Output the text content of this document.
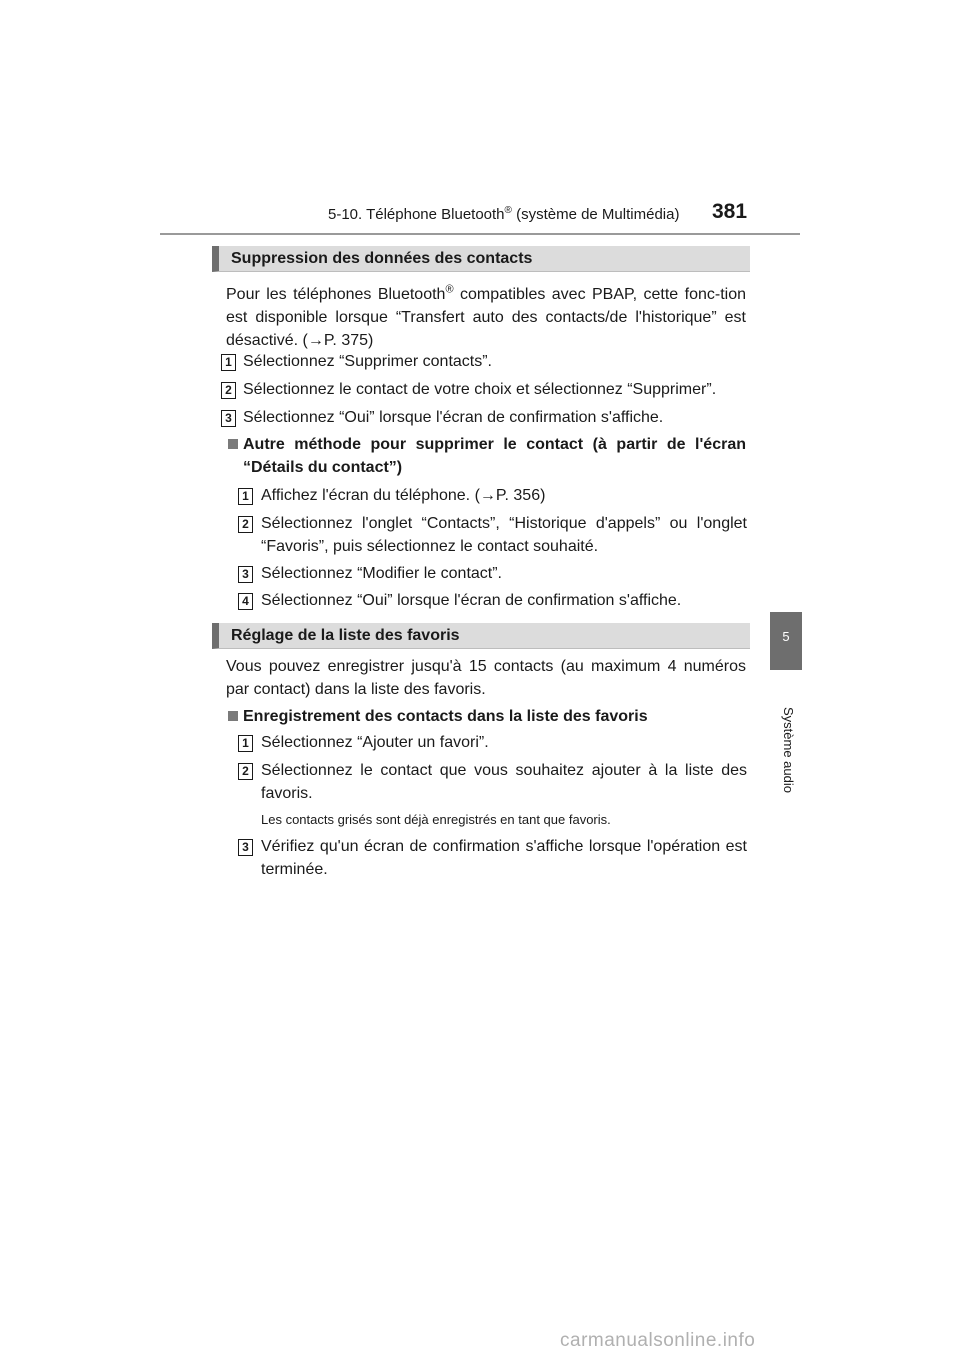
5-10. Téléphone Bluetooth® (système de Multimédia) 381
5
Système audio
Suppression des données des contacts
Pour les téléphones Bluetooth® compatibles avec PBAP, cette fonc-tion est disponible lorsque “Transfert auto des contacts/de l'historique” est désactivé. (→P. 375)
1 Sélectionnez “Supprimer contacts”.
2 Sélectionnez le contact de votre choix et sélectionnez “Supprimer”.
3 Sélectionnez “Oui” lorsque l'écran de confirmation s'affiche.
Autre méthode pour supprimer le contact (à partir de l'écran “Détails du contact”)
1 Affichez l'écran du téléphone. (→P. 356)
2 Sélectionnez l'onglet “Contacts”, “Historique d'appels” ou l'onglet “Favoris”, puis sélectionnez le contact souhaité.
3 Sélectionnez “Modifier le contact”.
4 Sélectionnez “Oui” lorsque l'écran de confirmation s'affiche.
Réglage de la liste des favoris
Vous pouvez enregistrer jusqu'à 15 contacts (au maximum 4 numéros par contact) dans la liste des favoris.
Enregistrement des contacts dans la liste des favoris
1 Sélectionnez “Ajouter un favori”.
2 Sélectionnez le contact que vous souhaitez ajouter à la liste des favoris.
Les contacts grisés sont déjà enregistrés en tant que favoris.
3 Vérifiez qu'un écran de confirmation s'affiche lorsque l'opération est terminée.
carmanualsonline.info
